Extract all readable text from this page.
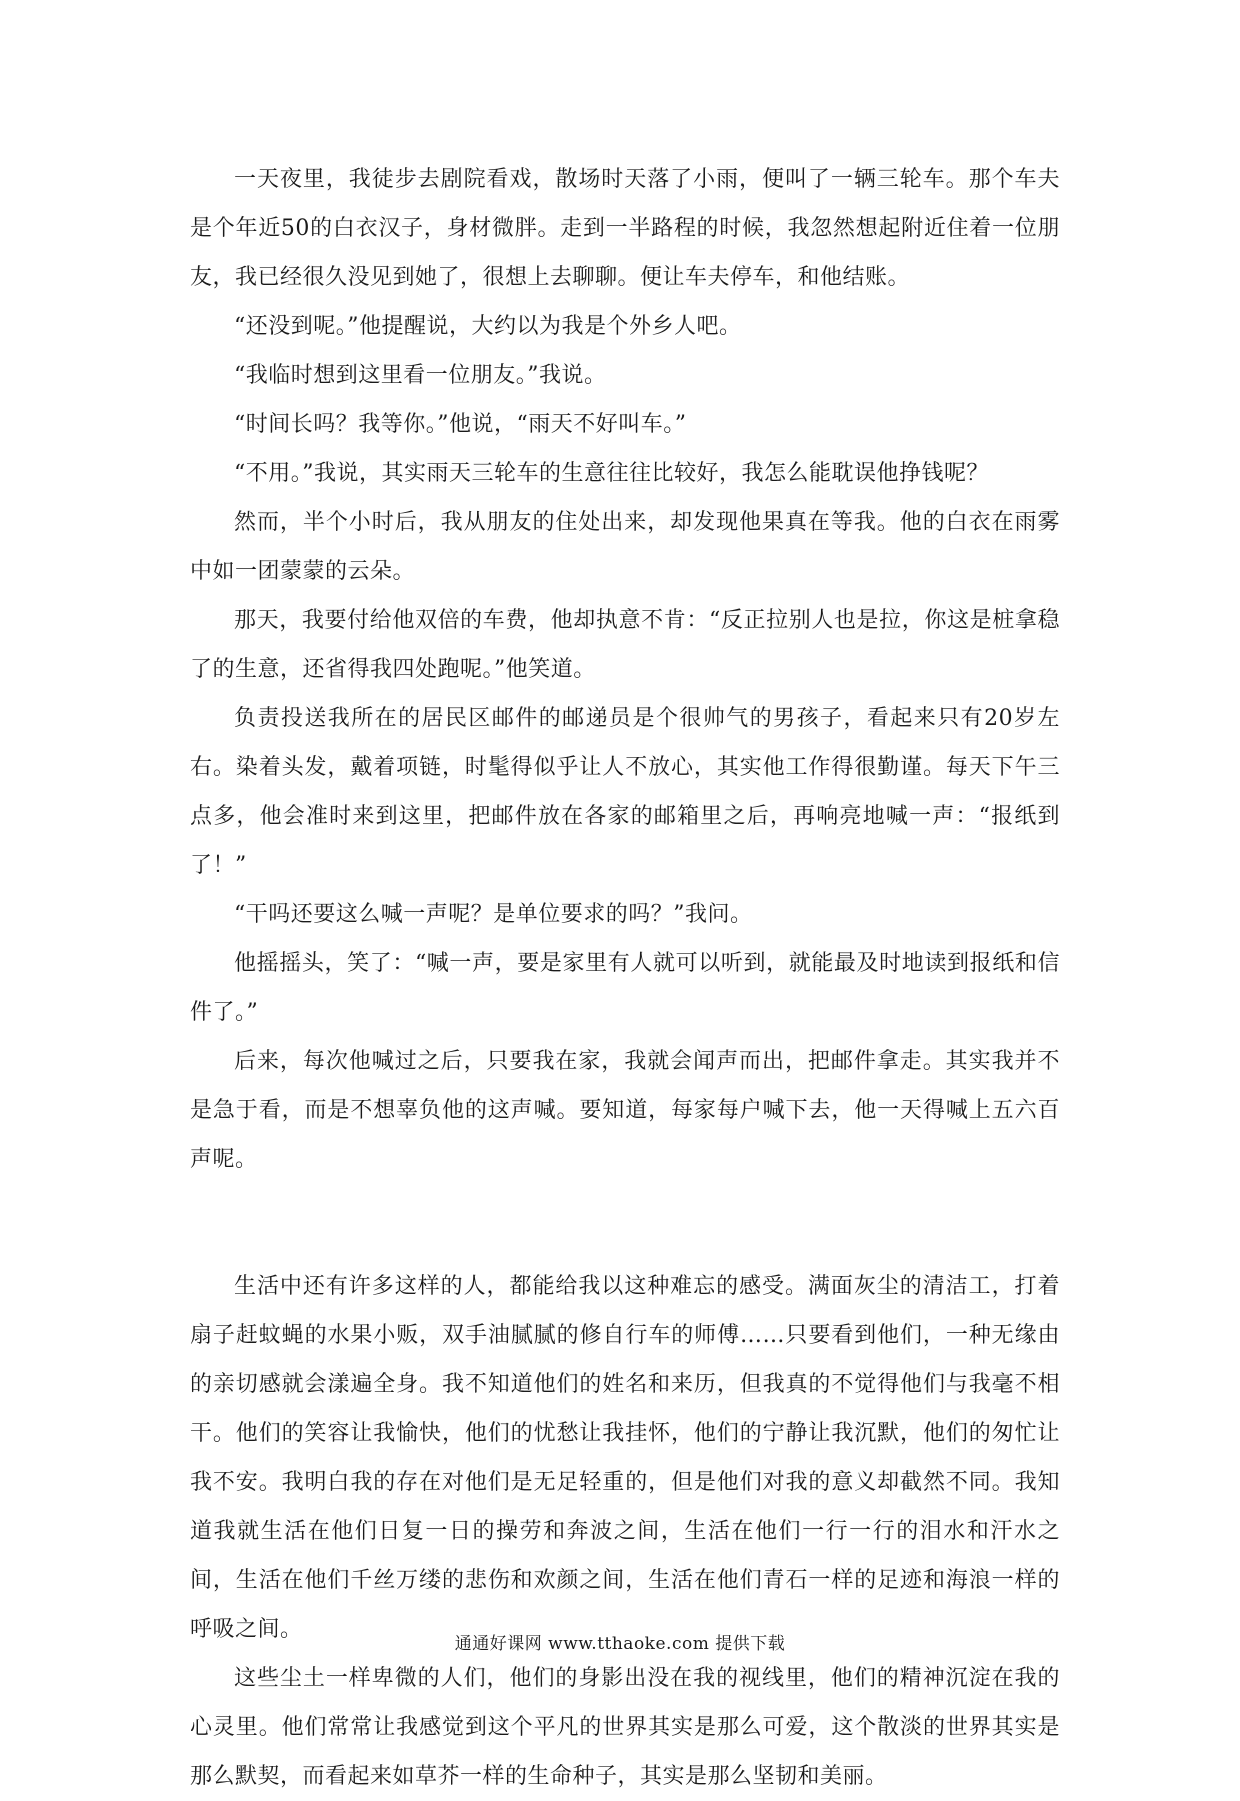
一天夜里，我徒步去剧院看戏，散场时天落了小雨，便叫了一辆三轮车。那个车夫是个年近50的白衣汉子，身材微胖。走到一半路程的时候，我忽然想起附近住着一位朋友，我已经很久没见到她了，很想上去聊聊。便让车夫停车，和他结账。

“还没到呢。”他提醒说，大约以为我是个外乡人吧。

“我临时想到这里看一位朋友。”我说。

“时间长吗？我等你。”他说，“雨天不好叫车。”

“不用。”我说，其实雨天三轮车的生意往往比较好，我怎么能耽误他挣钱呢？

然而，半个小时后，我从朋友的住处出来，却发现他果真在等我。他的白衣在雨雾中如一团蒙蒙的云朵。

那天，我要付给他双倍的车费，他却执意不肯：“反正拉别人也是拉，你这是桩拿稳了的生意，还省得我四处跑呢。”他笑道。

负责投送我所在的居民区邮件的邮递员是个很帅气的男孩子，看起来只有20岁左右。染着头发，戴着项链，时髦得似乎让人不放心，其实他工作得很勤谨。每天下午三点多，他会准时来到这里，把邮件放在各家的邮箱里之后，再响亮地喊一声：“报纸到了！”

“干吗还要这么喊一声呢？是单位要求的吗？”我问。

他摇摇头，笑了：“喊一声，要是家里有人就可以听到，就能最及时地读到报纸和信件了。”

后来，每次他喊过之后，只要我在家，我就会闻声而出，把邮件拿走。其实我并不是急于看，而是不想辜负他的这声喊。要知道，每家每户喊下去，他一天得喊上五六百声呢。

生活中还有许多这样的人，都能给我以这种难忘的感受。满面灰尘的清洁工，打着扇子赶蚊蝇的水果小贩，双手油腻腻的修自行车的师傅……只要看到他们，一种无缘由的亲切感就会漾遍全身。我不知道他们的姓名和来历，但我真的不觉得他们与我毫不相干。他们的笑容让我愉快，他们的忧愁让我挂怀，他们的宁静让我沉默，他们的匆忙让我不安。我明白我的存在对他们是无足轻重的，但是他们对我的意义却截然不同。我知道我就生活在他们日复一日的操劳和奔波之间，生活在他们一行一行的泪水和汗水之间，生活在他们千丝万缕的悲伤和欢颜之间，生活在他们青石一样的足迹和海浪一样的呼吸之间。

这些尘土一样卑微的人们，他们的身影出没在我的视线里，他们的精神沉淀在我的心灵里。他们常常让我感觉到这个平凡的世界其实是那么可爱，这个散淡的世界其实是那么默契，而看起来如草芥一样的生命种子，其实是那么坚韧和美丽。

通通好课网 www.tthaoke.com 提供下载
